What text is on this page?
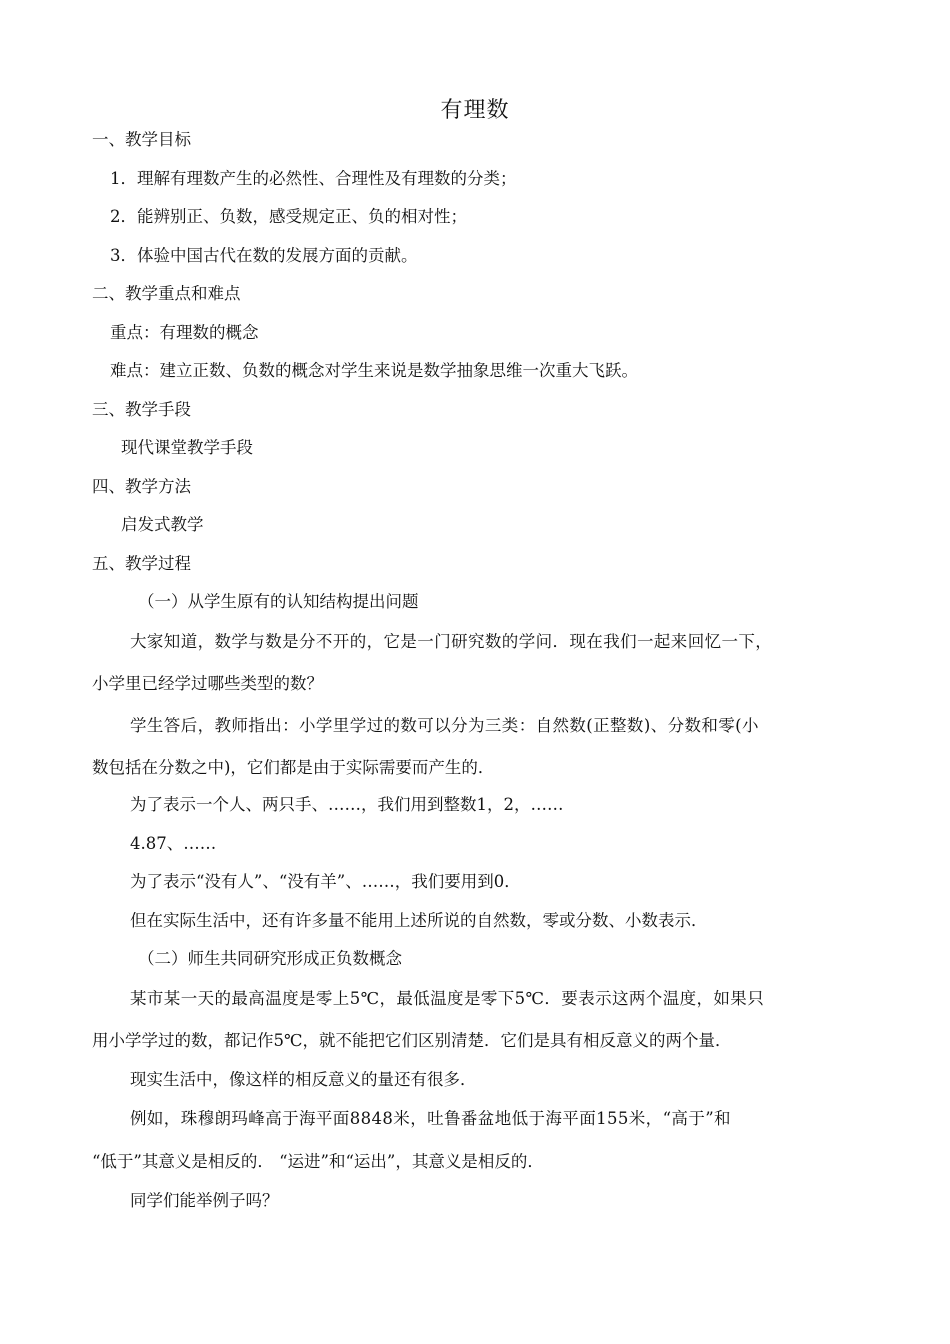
有理数
一、教学目标
1．理解有理数产生的必然性、合理性及有理数的分类；
2．能辨别正、负数，感受规定正、负的相对性；
3．体验中国古代在数的发展方面的贡献。
二、教学重点和难点
重点：有理数的概念
难点：建立正数、负数的概念对学生来说是数学抽象思维一次重大飞跃。
三、教学手段
现代课堂教学手段
四、教学方法
启发式教学
五、教学过程
（一）从学生原有的认知结构提出问题
大家知道，数学与数是分不开的，它是一门研究数的学问．现在我们一起来回忆一下，
小学里已经学过哪些类型的数？
学生答后，教师指出：小学里学过的数可以分为三类：自然数(正整数)、分数和零(小
数包括在分数之中)，它们都是由于实际需要而产生的．
为了表示一个人、两只手、……，我们用到整数1，2，……
4.87、……
为了表示“没有人”、“没有羊”、……，我们要用到0．
但在实际生活中，还有许多量不能用上述所说的自然数，零或分数、小数表示．
（二）师生共同研究形成正负数概念
某市某一天的最高温度是零上5℃，最低温度是零下5℃．要表示这两个温度，如果只
用小学学过的数，都记作5℃，就不能把它们区别清楚．它们是具有相反意义的两个量．
现实生活中，像这样的相反意义的量还有很多．
例如，珠穆朗玛峰高于海平面8848米，吐鲁番盆地低于海平面155米，“高于”和
“低于”其意义是相反的． “运进”和“运出”，其意义是相反的．
同学们能举例子吗？
